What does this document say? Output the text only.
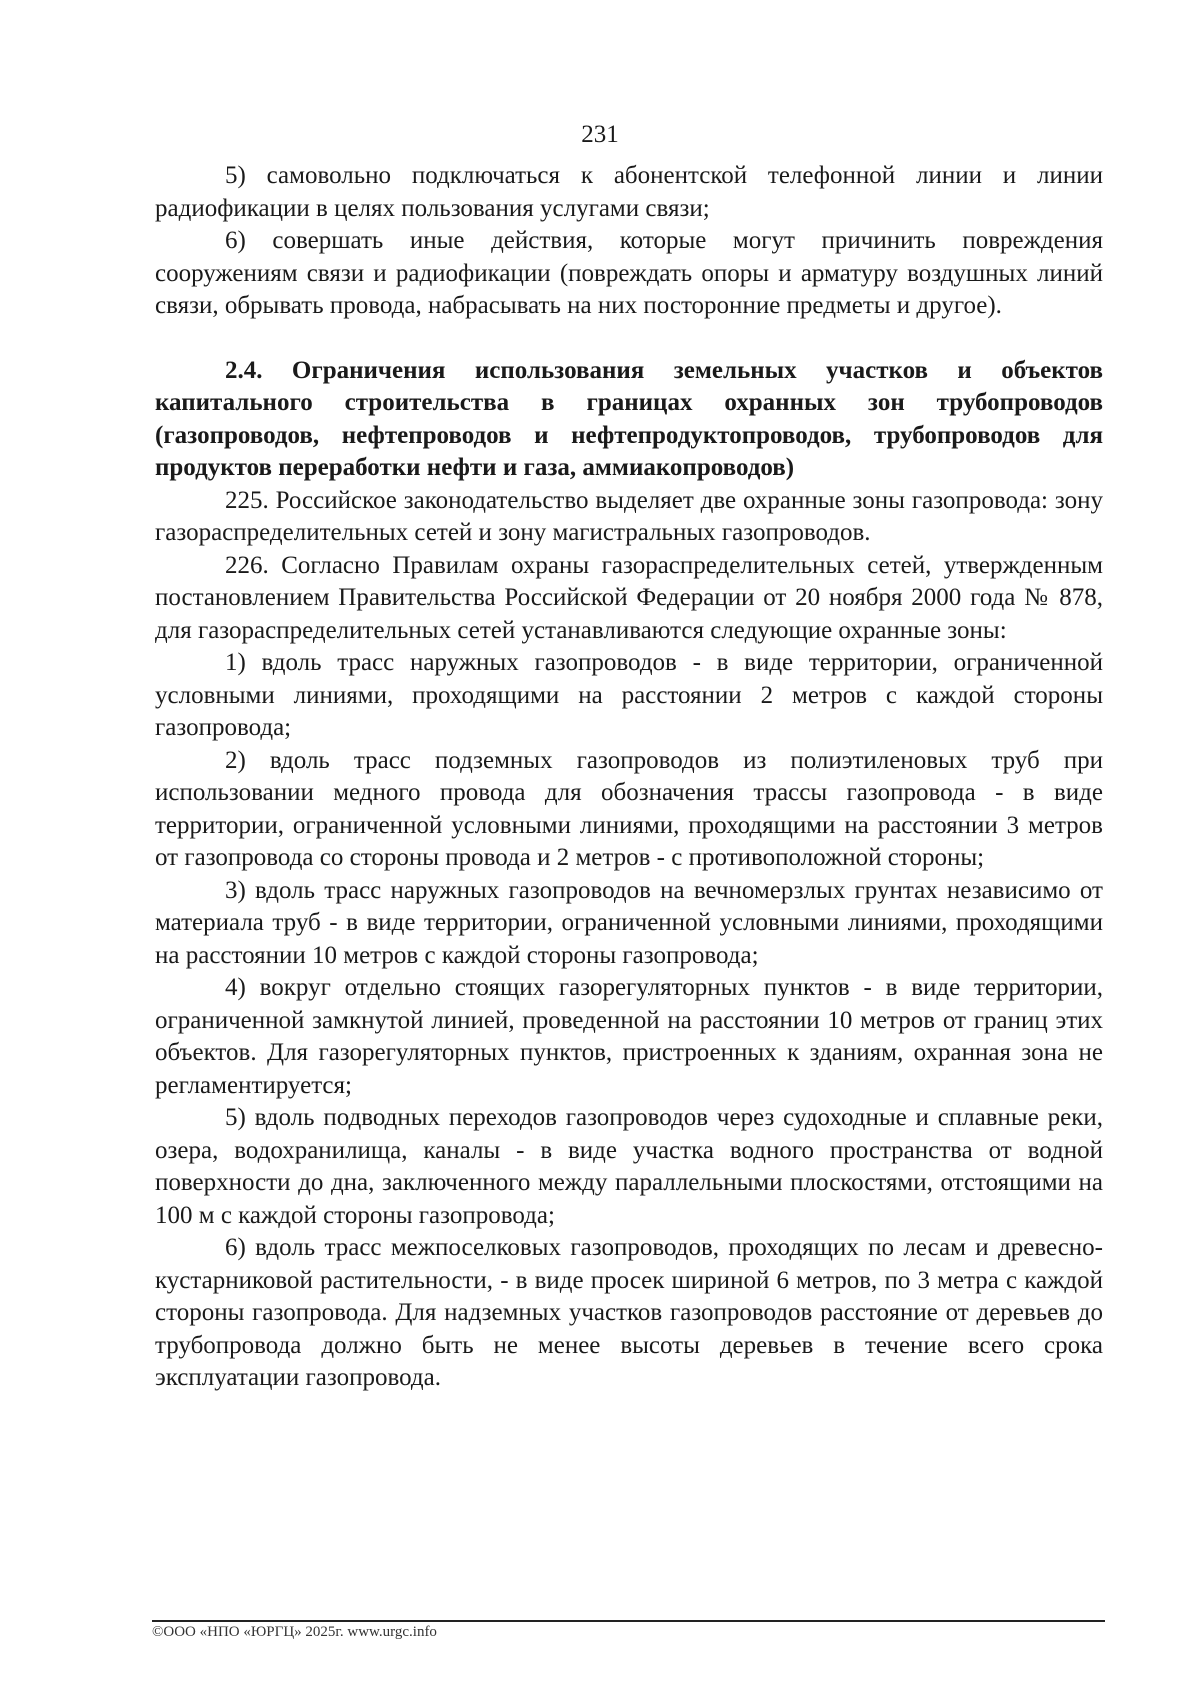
231

5) самовольно подключаться к абонентской телефонной линии и линии радиофикации в целях пользования услугами связи;

6) совершать иные действия, которые могут причинить повреждения сооружениям связи и радиофикации (повреждать опоры и арматуру воздушных линий связи, обрывать провода, набрасывать на них посторонние предметы и другое).

2.4. Ограничения использования земельных участков и объектов капитального строительства в границах охранных зон трубопроводов (газопроводов, нефтепроводов и нефтепродуктопроводов, трубопроводов для продуктов переработки нефти и газа, аммиакопроводов)

225. Российское законодательство выделяет две охранные зоны газопровода: зону газораспределительных сетей и зону магистральных газопроводов.

226. Согласно Правилам охраны газораспределительных сетей, утвержденным постановлением Правительства Российской Федерации от 20 ноября 2000 года № 878, для газораспределительных сетей устанавливаются следующие охранные зоны:

1) вдоль трасс наружных газопроводов - в виде территории, ограниченной условными линиями, проходящими на расстоянии 2 метров с каждой стороны газопровода;

2) вдоль трасс подземных газопроводов из полиэтиленовых труб при использовании медного провода для обозначения трассы газопровода - в виде территории, ограниченной условными линиями, проходящими на расстоянии 3 метров от газопровода со стороны провода и 2 метров - с противоположной стороны;

3) вдоль трасс наружных газопроводов на вечномерзлых грунтах независимо от материала труб - в виде территории, ограниченной условными линиями, проходящими на расстоянии 10 метров с каждой стороны газопровода;

4) вокруг отдельно стоящих газорегуляторных пунктов - в виде территории, ограниченной замкнутой линией, проведенной на расстоянии 10 метров от границ этих объектов. Для газорегуляторных пунктов, пристроенных к зданиям, охранная зона не регламентируется;

5) вдоль подводных переходов газопроводов через судоходные и сплавные реки, озера, водохранилища, каналы - в виде участка водного пространства от водной поверхности до дна, заключенного между параллельными плоскостями, отстоящими на 100 м с каждой стороны газопровода;

6) вдоль трасс межпоселковых газопроводов, проходящих по лесам и древесно-кустарниковой растительности, - в виде просек шириной 6 метров, по 3 метра с каждой стороны газопровода. Для надземных участков газопроводов расстояние от деревьев до трубопровода должно быть не менее высоты деревьев в течение всего срока эксплуатации газопровода.

©ООО «НПО «ЮРГЦ» 2025г. www.urgc.info
